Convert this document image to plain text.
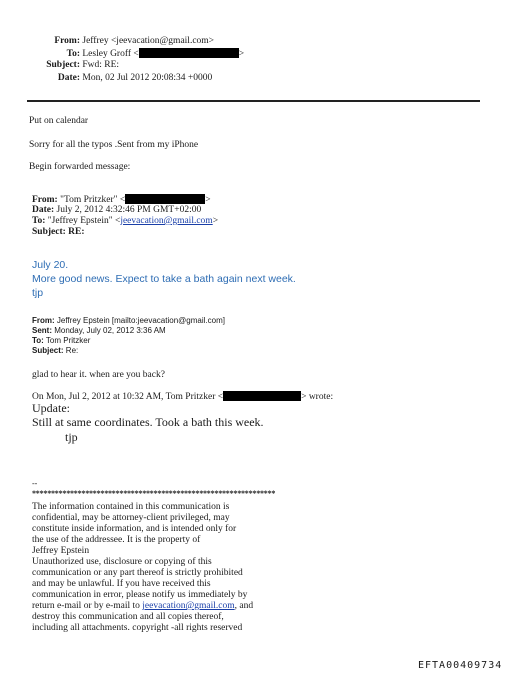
From: Jeffrey <jeevacation@gmail.com>
To: Lesley Groff <	>
Subject: Fwd: RE:
Date: Mon, 02 Jul 2012 20:08:34 +0000
Put on calendar
Sorry for all the typos .Sent from my iPhone
Begin forwarded message:
From: "Tom Pritzker" <	>
Date: July 2, 2012 4:32:46 PM GMT+02:00
To: "Jeffrey Epstein" <jeevacation@gmail.com>
Subject: RE:
July 20.
More good news. Expect to take a bath again next week.
tjp
From: Jeffrey Epstein [mailto:jeevacation@gmail.com]
Sent: Monday, July 02, 2012 3:36 AM
To: Tom Pritzker
Subject: Re:
glad to hear it. when are you back?
On Mon, Jul 2, 2012 at 10:32 AM, Tom Pritzker <	> wrote:
Update:
Still at same coordinates. Took a bath this week.
tjp
--
****************************************************************
The information contained in this communication is
confidential, may be attorney-client privileged, may
constitute inside information, and is intended only for
the use of the addressee. It is the property of
Jeffrey Epstein
Unauthorized use, disclosure or copying of this
communication or any part thereof is strictly prohibited
and may be unlawful. If you have received this
communication in error, please notify us immediately by
return e-mail or by e-mail to jeevacation@gmail.com, and
destroy this communication and all copies thereof,
including all attachments. copyright -all rights reserved
EFTA00409734
